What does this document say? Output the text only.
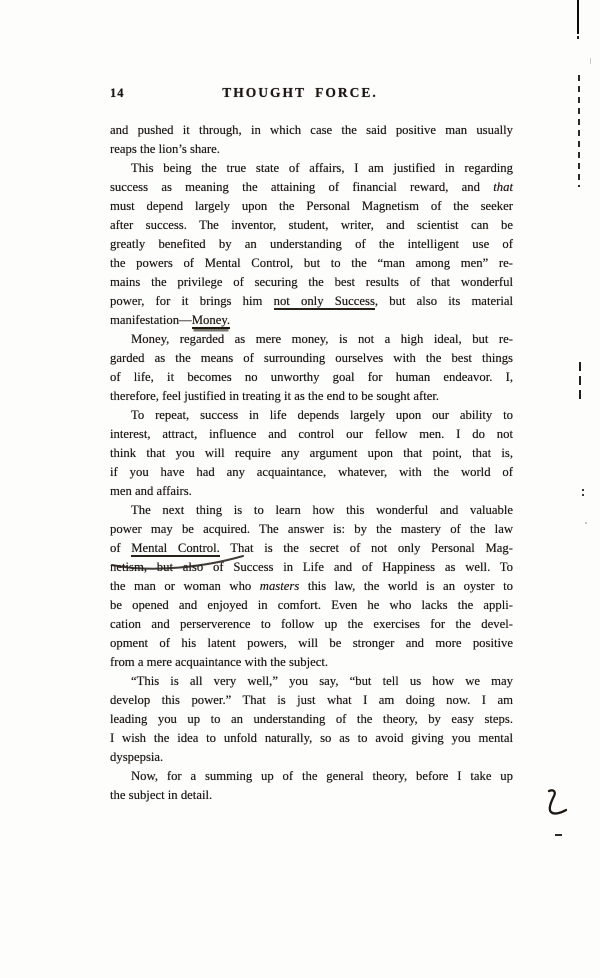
14	THOUGHT FORCE.
and pushed it through, in which case the said positive man usually
reaps the lion’s share.
This being the true state of affairs, I am justified in regarding
success as meaning the attaining of financial reward, and that
must depend largely upon the Personal Magnetism of the seeker
after success. The inventor, student, writer, and scientist can be
greatly benefited by an understanding of the intelligent use of
the powers of Mental Control, but to the “man among men” re-
mains the privilege of securing the best results of that wonderful
power, for it brings him not only Success, but also its material
manifestation—Money.
Money, regarded as mere money, is not a high ideal, but re-
garded as the means of surrounding ourselves with the best things
of life, it becomes no unworthy goal for human endeavor. I,
therefore, feel justified in treating it as the end to be sought after.
To repeat, success in life depends largely upon our ability to
interest, attract, influence and control our fellow men. I do not
think that you will require any argument upon that point, that is,
if you have had any acquaintance, whatever, with the world of
men and affairs.
The next thing is to learn how this wonderful and valuable
power may be acquired. The answer is: by the mastery of the law
of Mental Control. That is the secret of not only Personal Mag-
netism, but also of Success in Life and of Happiness as well. To
the man or woman who masters this law, the world is an oyster to
be opened and enjoyed in comfort. Even he who lacks the appli-
cation and perserverence to follow up the exercises for the devel-
opment of his latent powers, will be stronger and more positive
from a mere acquaintance with the subject.
“This is all very well,” you say, “but tell us how we may
develop this power.” That is just what I am doing now. I am
leading you up to an understanding of the theory, by easy steps.
I wish the idea to unfold naturally, so as to avoid giving you mental
dyspepsia.
Now, for a summing up of the general theory, before I take up
the subject in detail.
